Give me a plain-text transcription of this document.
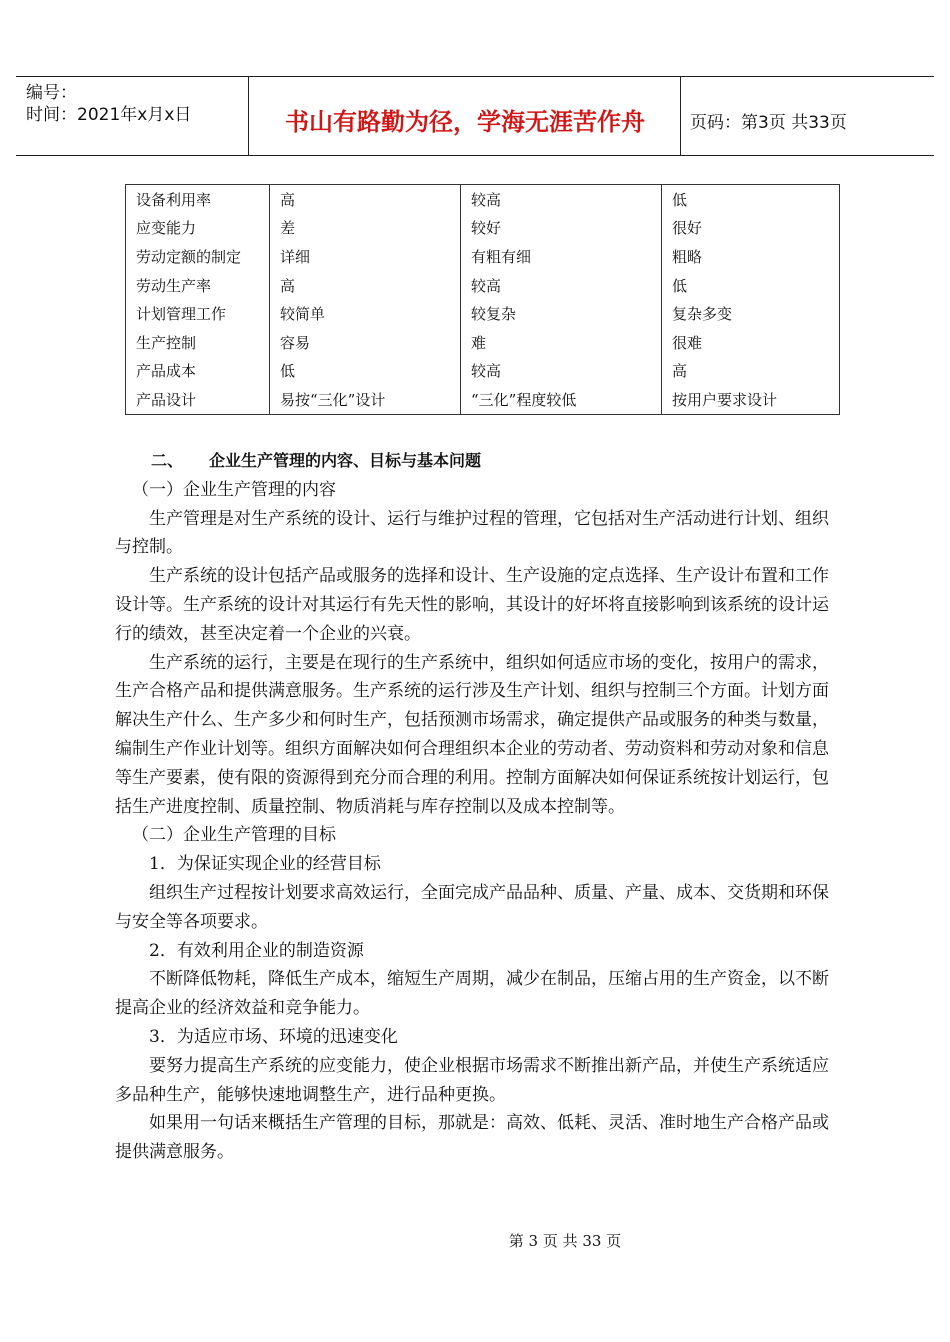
编号：
时间：2021年x月x日	书山有路勤为径，学海无涯苦作舟	页码：第3页 共33页
设备利用率	高	较高	低
应变能力	差	较好	很好
劳动定额的制定	详细	有粗有细	粗略
劳动生产率	高	较高	低
计划管理工作	较简单	较复杂	复杂多变
生产控制	容易	难	很难
产品成本	低	较高	高
产品设计	易按“三化”设计	“三化”程度较低	按用户要求设计

二、 企业生产管理的内容、目标与基本问题

（一）企业生产管理的内容

生产管理是对生产系统的设计、运行与维护过程的管理，它包括对生产活动进行计划、组织与控制。

生产系统的设计包括产品或服务的选择和设计、生产设施的定点选择、生产设计布置和工作设计等。生产系统的设计对其运行有先天性的影响，其设计的好坏将直接影响到该系统的设计运行的绩效，甚至决定着一个企业的兴衰。

生产系统的运行，主要是在现行的生产系统中，组织如何适应市场的变化，按用户的需求，生产合格产品和提供满意服务。生产系统的运行涉及生产计划、组织与控制三个方面。计划方面解决生产什么、生产多少和何时生产，包括预测市场需求，确定提供产品或服务的种类与数量，编制生产作业计划等。组织方面解决如何合理组织本企业的劳动者、劳动资料和劳动对象和信息等生产要素，使有限的资源得到充分而合理的利用。控制方面解决如何保证系统按计划运行，包括生产进度控制、质量控制、物质消耗与库存控制以及成本控制等。

（二）企业生产管理的目标

1．为保证实现企业的经营目标

组织生产过程按计划要求高效运行，全面完成产品品种、质量、产量、成本、交货期和环保与安全等各项要求。

2．有效利用企业的制造资源

不断降低物耗，降低生产成本，缩短生产周期，减少在制品，压缩占用的生产资金，以不断提高企业的经济效益和竞争能力。

3．为适应市场、环境的迅速变化

要努力提高生产系统的应变能力，使企业根据市场需求不断推出新产品，并使生产系统适应多品种生产，能够快速地调整生产，进行品种更换。

如果用一句话来概括生产管理的目标，那就是：高效、低耗、灵活、准时地生产合格产品或提供满意服务。

第 3 页 共 33 页
